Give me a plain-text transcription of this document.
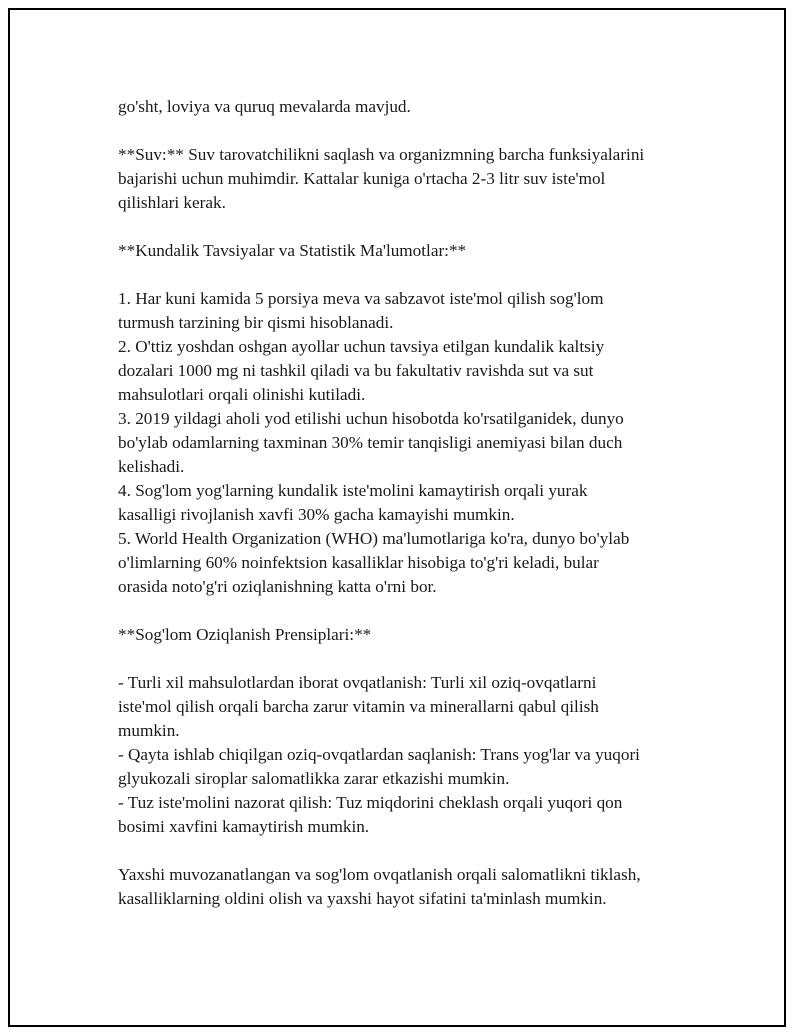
go'sht, loviya va quruq mevalarda mavjud.

**Suv:** Suv tarovatchilikni saqlash va organizmning barcha funksiyalarini

bajarishi uchun muhimdir. Kattalar kuniga o'rtacha 2-3 litr suv iste'mol

qilishlari kerak.

**Kundalik Tavsiyalar va Statistik Ma'lumotlar:**

1. Har kuni kamida 5 porsiya meva va sabzavot iste'mol qilish sog'lom

turmush tarzining bir qismi hisoblanadi.

2. O'ttiz yoshdan oshgan ayollar uchun tavsiya etilgan kundalik kaltsiy

dozalari 1000 mg ni tashkil qiladi va bu fakultativ ravishda sut va sut

mahsulotlari orqali olinishi kutiladi.

3. 2019 yildagi aholi yod etilishi uchun hisobotda ko'rsatilganidek, dunyo

bo'ylab odamlarning taxminan 30% temir tanqisligi anemiyasi bilan duch

kelishadi.

4. Sog'lom yog'larning kundalik iste'molini kamaytirish orqali yurak

kasalligi rivojlanish xavfi 30% gacha kamayishi mumkin.

5. World Health Organization (WHO) ma'lumotlariga ko'ra, dunyo bo'ylab

o'limlarning 60% noinfektsion kasalliklar hisobiga to'g'ri keladi, bular

orasida noto'g'ri oziqlanishning katta o'rni bor.

**Sog'lom Oziqlanish Prensiplari:**

- Turli xil mahsulotlardan iborat ovqatlanish: Turli xil oziq-ovqatlarni

iste'mol qilish orqali barcha zarur vitamin va minerallarni qabul qilish

mumkin.

- Qayta ishlab chiqilgan oziq-ovqatlardan saqlanish: Trans yog'lar va yuqori

glyukozali siroplar salomatlikka zarar etkazishi mumkin.

- Tuz iste'molini nazorat qilish: Tuz miqdorini cheklash orqali yuqori qon

bosimi xavfini kamaytirish mumkin.

Yaxshi muvozanatlangan va sog'lom ovqatlanish orqali salomatlikni tiklash,

kasalliklarning oldini olish va yaxshi hayot sifatini ta'minlash mumkin.
